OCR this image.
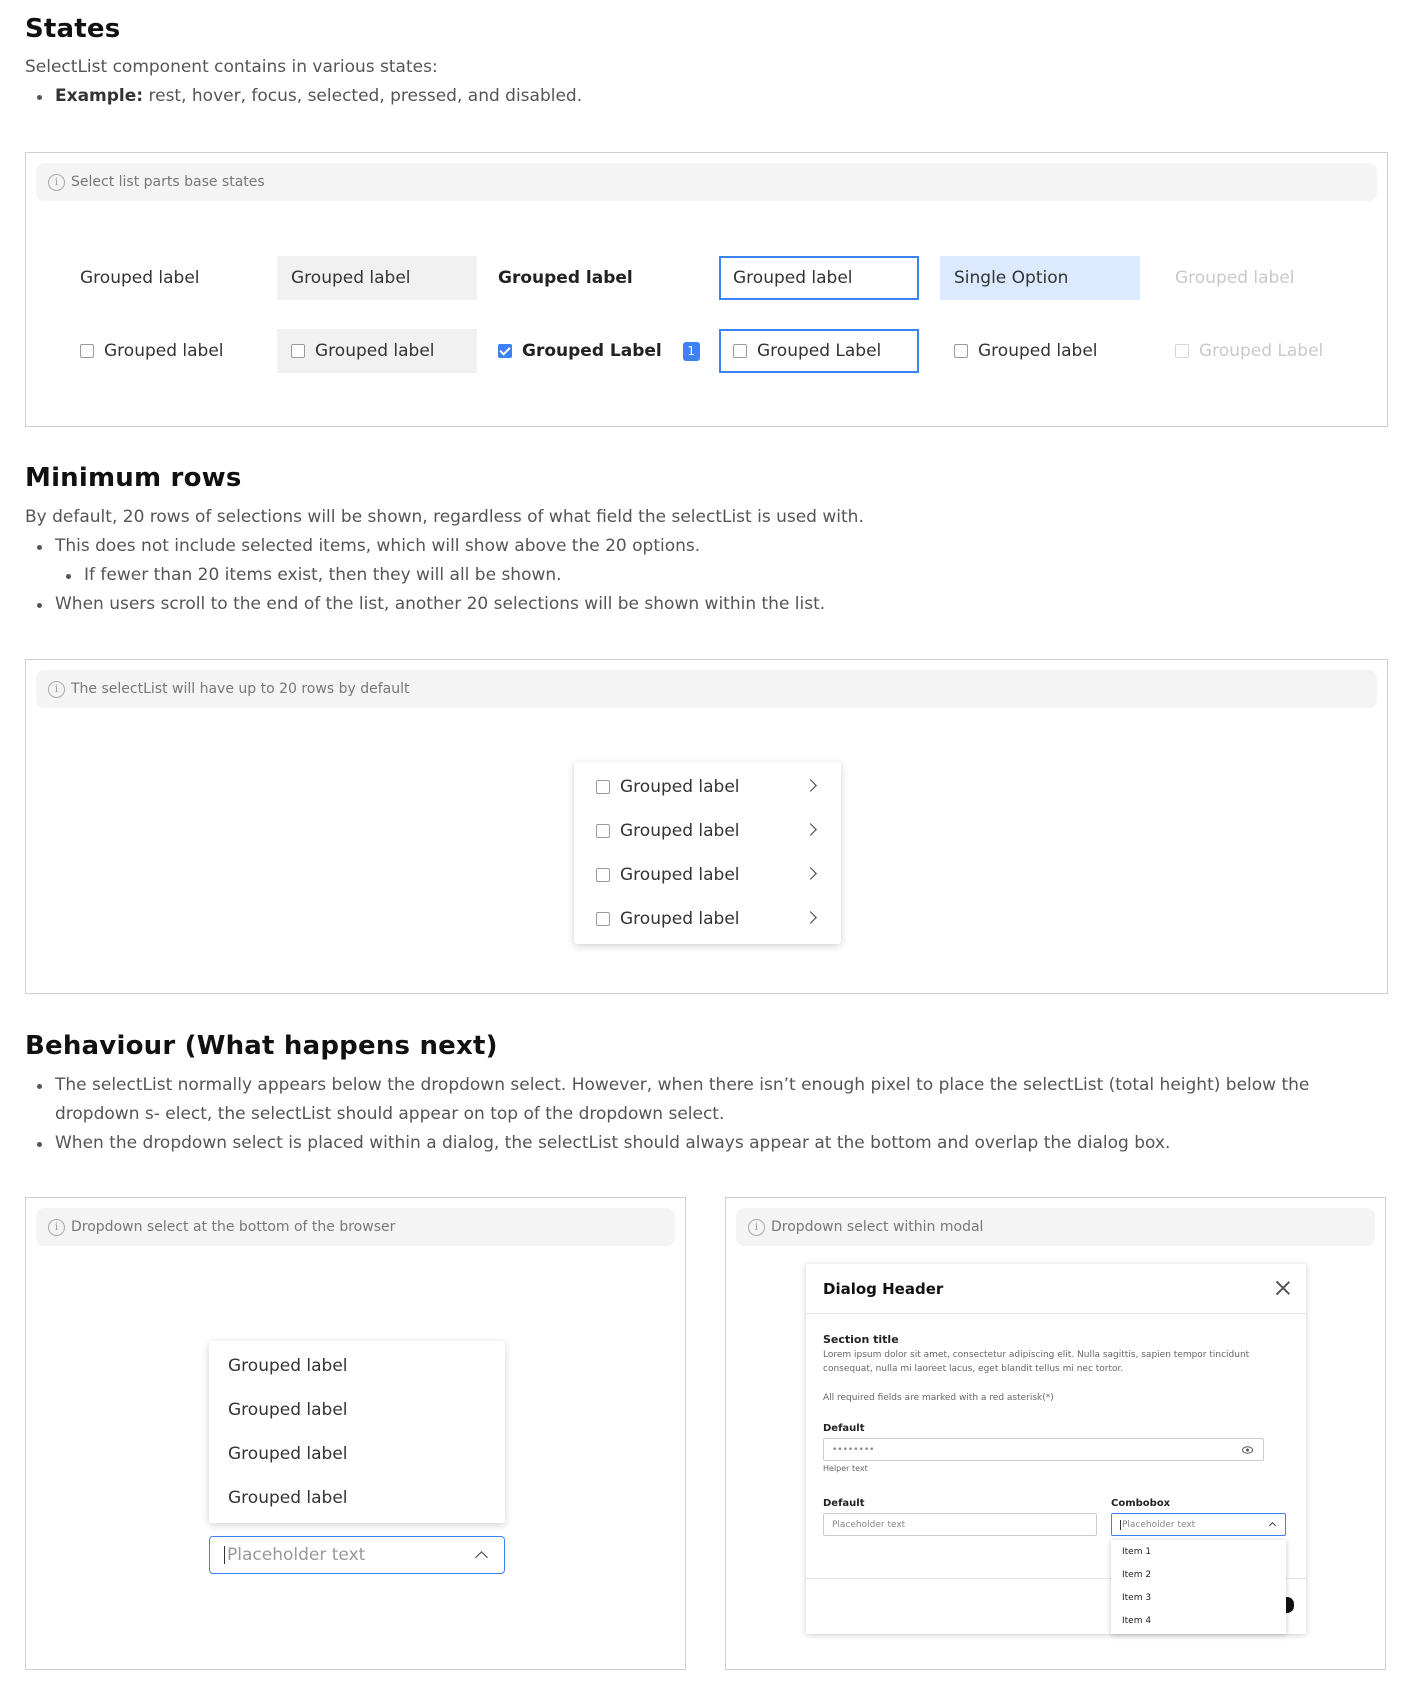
States
SelectList component contains in various states:
Example: rest, hover, focus, selected, pressed, and disabled.
i Select list parts base states
Grouped label	Grouped label	Grouped label	Grouped label	Single Option	Grouped label
Grouped label	Grouped label	Grouped Label	1	Grouped Label	Grouped label	Grouped Label
Minimum rows
By default, 20 rows of selections will be shown, regardless of what field the selectList is used with.
This does not include selected items, which will show above the 20 options.
If fewer than 20 items exist, then they will all be shown.
When users scroll to the end of the list, another 20 selections will be shown within the list.
i The selectList will have up to 20 rows by default
Grouped label
Grouped label
Grouped label
Grouped label
Behaviour (What happens next)
The selectList normally appears below the dropdown select. However, when there isn’t enough pixel to place the selectList (total height) below the dropdown s- elect, the selectList should appear on top of the dropdown select.
When the dropdown select is placed within a dialog, the selectList should always appear at the bottom and overlap the dialog box.
i Dropdown select at the bottom of the browser
Grouped label
Grouped label
Grouped label
Grouped label
Placeholder text
i Dropdown select within modal
Dialog Header
Section title
Lorem ipsum dolor sit amet, consectetur adipiscing elit. Nulla sagittis, sapien tempor tincidunt consequat, nulla mi laoreet lacus, eget blandit tellus mi nec tortor.
All required fields are marked with a red asterisk(*)
Default
••••••••
Helper text
Default
Placeholder text
Combobox
Placeholder text
Item 1
Item 2
Item 3
Item 4
